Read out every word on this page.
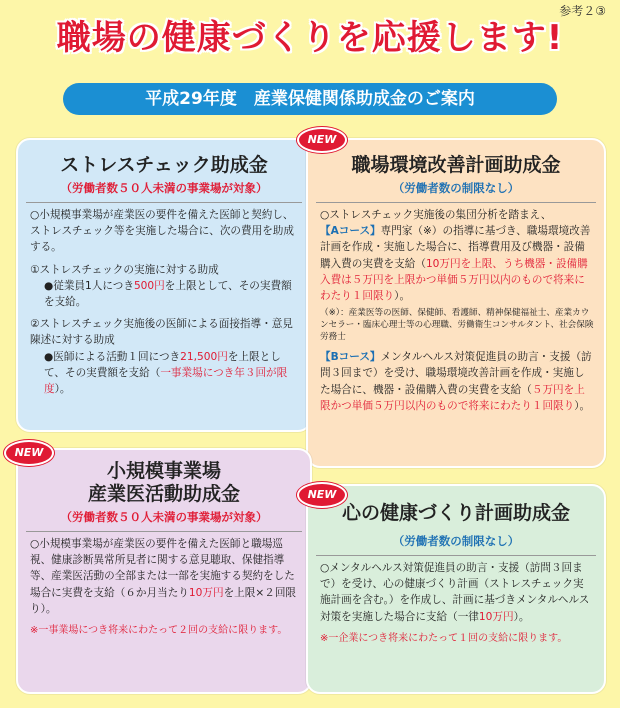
参考２③
職場の健康づくりを応援します!
平成29年度　産業保健関係助成金のご案内
ストレスチェック助成金
（労働者数５０人未満の事業場が対象）

○小規模事業場が産業医の要件を備えた医師と契約し、ストレスチェック等を実施した場合に、次の費用を助成する。

①ストレスチェックの実施に対する助成

●従業員1人につき500円を上限として、その実費額を支給。

②ストレスチェック実施後の医師による面接指導・意見陳述に対する助成

●医師による活動１回につき21,500円を上限として、その実費額を支給（一事業場につき年３回が限度）。

職場環境改善計画助成金
（労働者数の制限なし）

○ストレスチェック実施後の集団分析を踏まえ、

【Aコース】専門家（※）の指導に基づき、職場環境改善計画を作成・実施した場合に、指導費用及び機器・設備購入費の実費を支給（10万円を上限、うち機器・設備購入費は５万円を上限かつ単価５万円以内のもので将来にわたり１回限り）。

（※）：産業医等の医師、保健師、看護師、精神保健福祉士、産業カウンセラー・臨床心理士等の心理職、労働衛生コンサルタント、社会保険労務士

【Bコース】メンタルヘルス対策促進員の助言・支援（訪問３回まで）を受け、職場環境改善計画を作成・実施した場合に、機器・設備購入費の実費を支給（５万円を上限かつ単価５万円以内のもので将来にわたり１回限り）。

NEW
小規模事業場
産業医活動助成金
（労働者数５０人未満の事業場が対象）

○小規模事業場が産業医の要件を備えた医師と職場巡視、健康診断異常所見者に関する意見聴取、保健指導等、産業医活動の全部または一部を実施する契約をした場合に実費を支給（６か月当たり10万円を上限×２回限り）。

※一事業場につき将来にわたって２回の支給に限ります。

NEW
心の健康づくり計画助成金
（労働者数の制限なし）

○メンタルヘルス対策促進員の助言・支援（訪問３回まで）を受け、心の健康づくり計画（ストレスチェック実施計画を含む。）を作成し、計画に基づきメンタルヘルス対策を実施した場合に支給（一律10万円）。

※一企業につき将来にわたって１回の支給に限ります。

NEW
